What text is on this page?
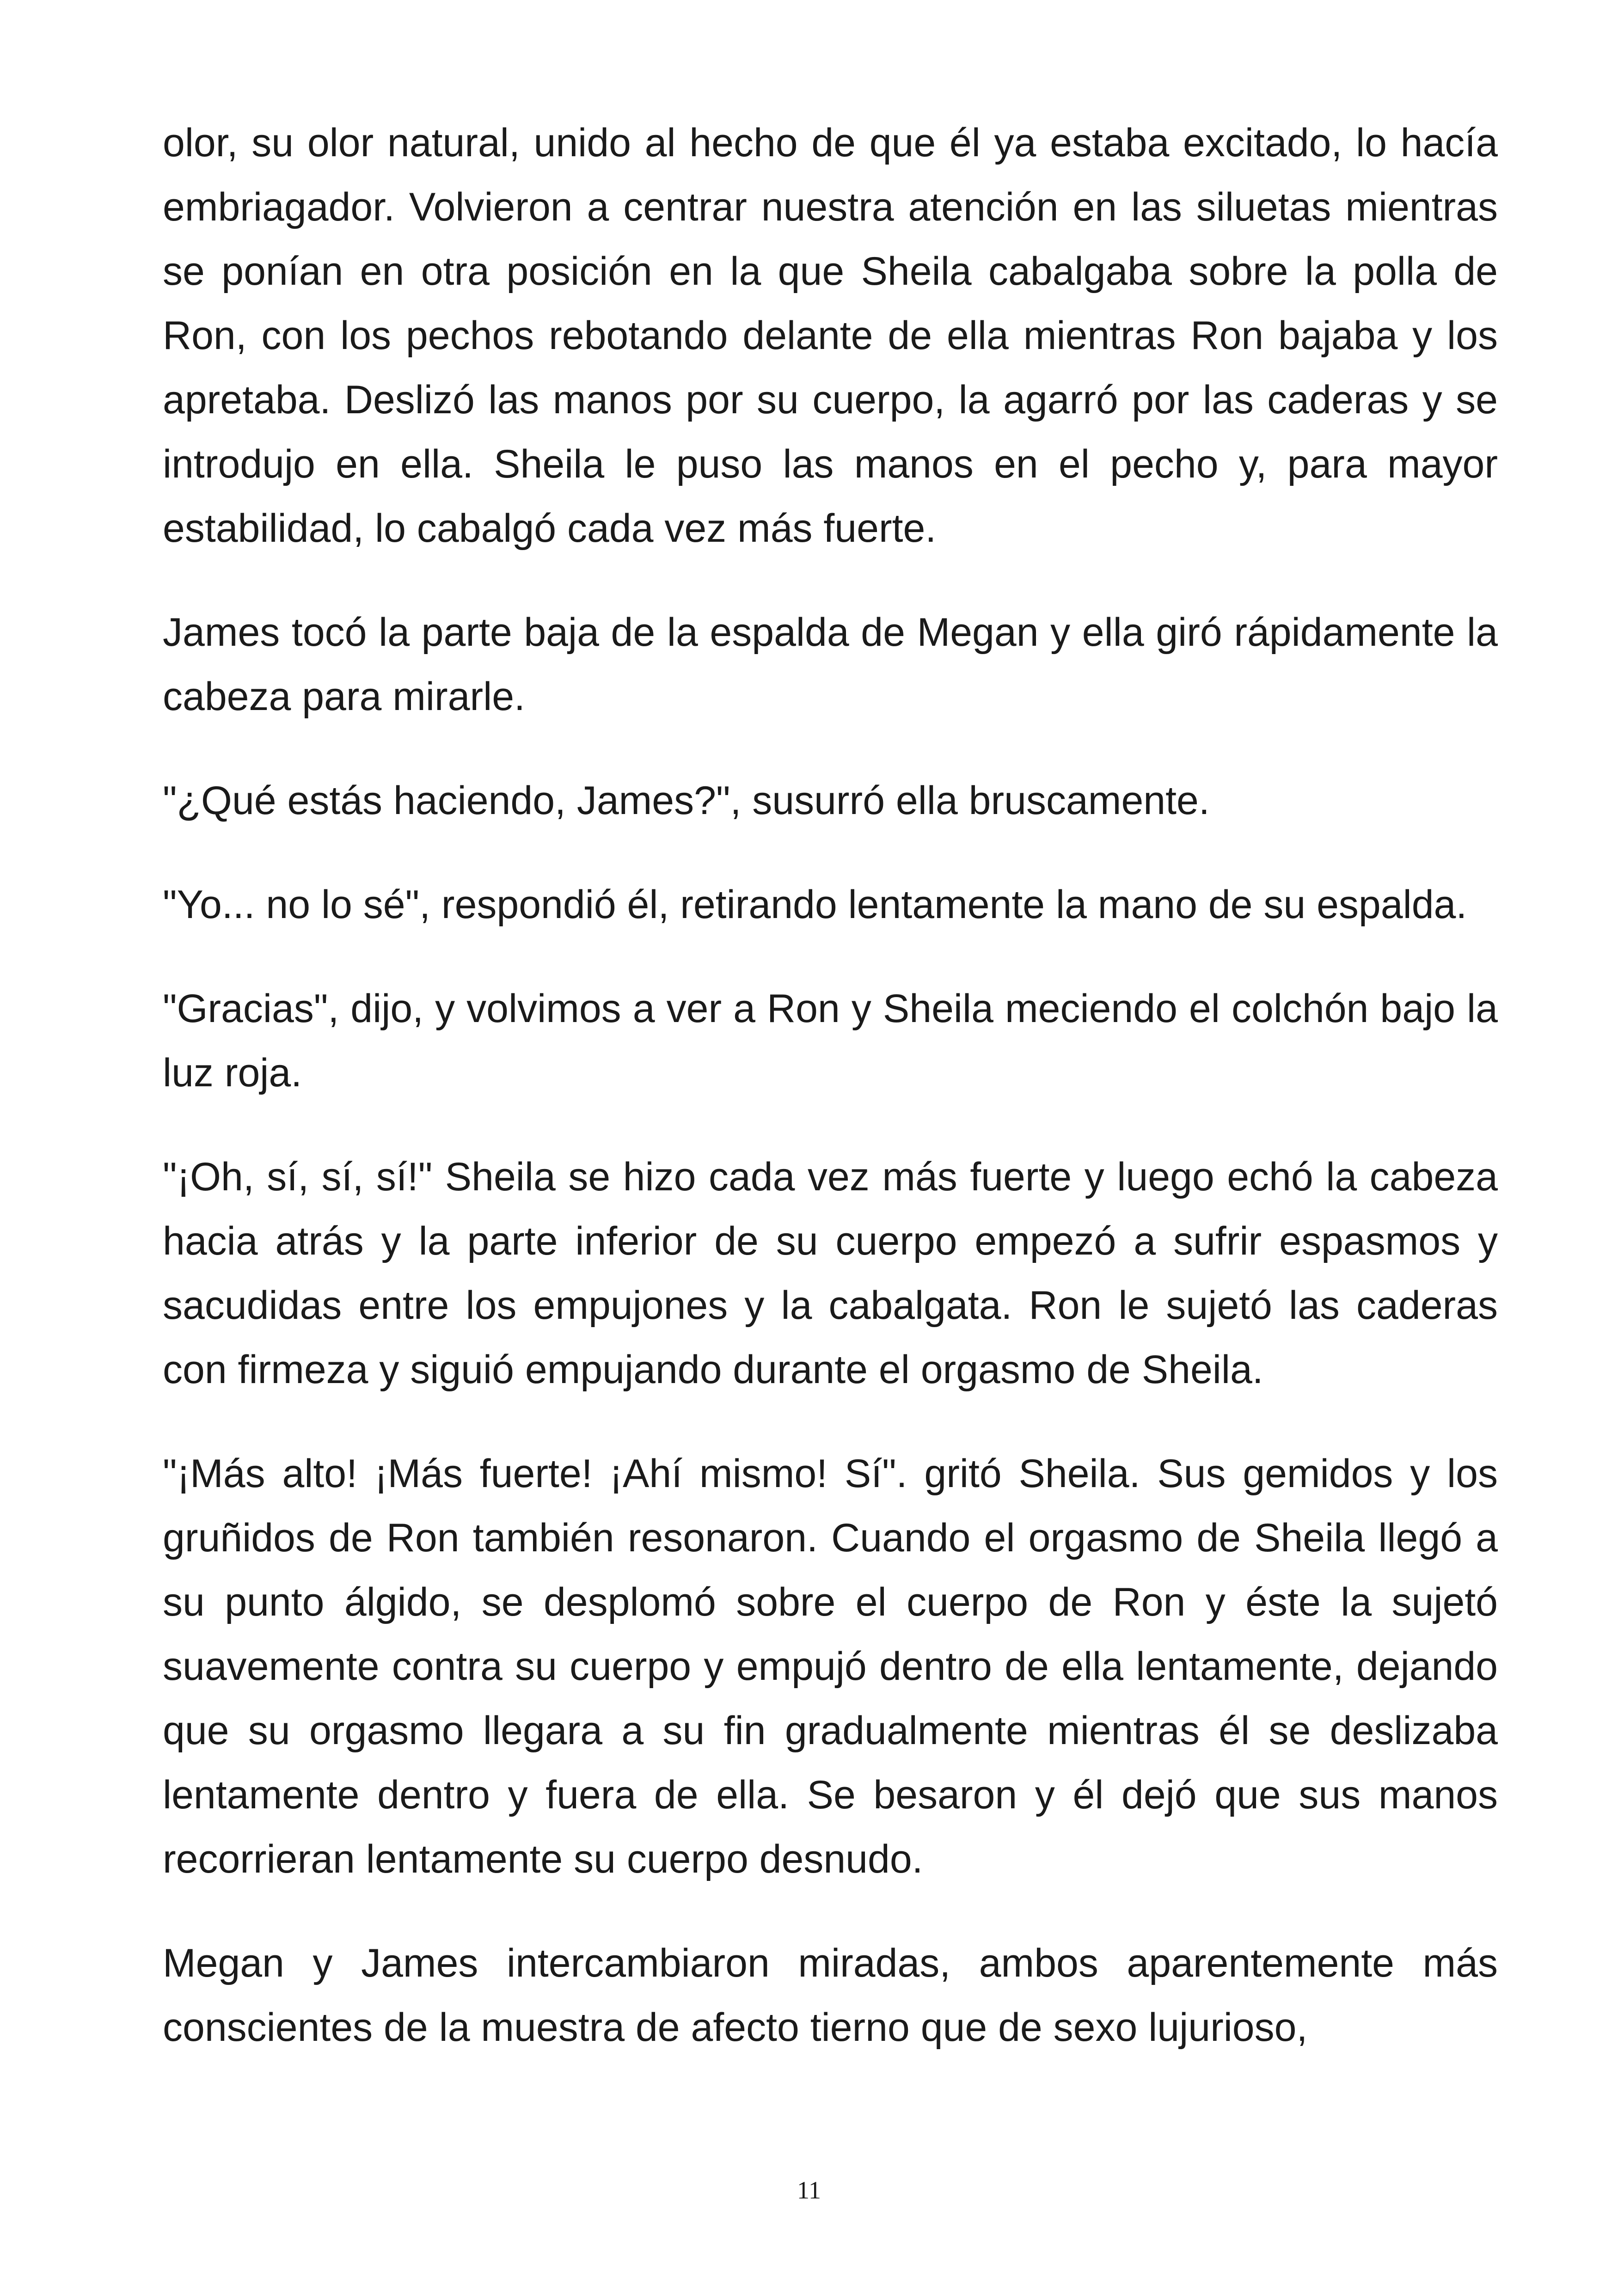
olor, su olor natural, unido al hecho de que él ya estaba excitado, lo hacía embriagador. Volvieron a centrar nuestra atención en las siluetas mientras se ponían en otra posición en la que Sheila cabalgaba sobre la polla de Ron, con los pechos rebotando delante de ella mientras Ron bajaba y los apretaba. Deslizó las manos por su cuerpo, la agarró por las caderas y se introdujo en ella. Sheila le puso las manos en el pecho y, para mayor estabilidad, lo cabalgó cada vez más fuerte.

James tocó la parte baja de la espalda de Megan y ella giró rápidamente la cabeza para mirarle.

"¿Qué estás haciendo, James?", susurró ella bruscamente.

"Yo... no lo sé", respondió él, retirando lentamente la mano de su espalda.

"Gracias", dijo, y volvimos a ver a Ron y Sheila meciendo el colchón bajo la luz roja.

"¡Oh, sí, sí, sí!" Sheila se hizo cada vez más fuerte y luego echó la cabeza hacia atrás y la parte inferior de su cuerpo empezó a sufrir espasmos y sacudidas entre los empujones y la cabalgata. Ron le sujetó las caderas con firmeza y siguió empujando durante el orgasmo de Sheila.

"¡Más alto! ¡Más fuerte! ¡Ahí mismo! Sí". gritó Sheila. Sus gemidos y los gruñidos de Ron también resonaron. Cuando el orgasmo de Sheila llegó a su punto álgido, se desplomó sobre el cuerpo de Ron y éste la sujetó suavemente contra su cuerpo y empujó dentro de ella lentamente, dejando que su orgasmo llegara a su fin gradualmente mientras él se deslizaba lentamente dentro y fuera de ella. Se besaron y él dejó que sus manos recorrieran lentamente su cuerpo desnudo.

Megan y James intercambiaron miradas, ambos aparentemente más conscientes de la muestra de afecto tierno que de sexo lujurioso,

11
